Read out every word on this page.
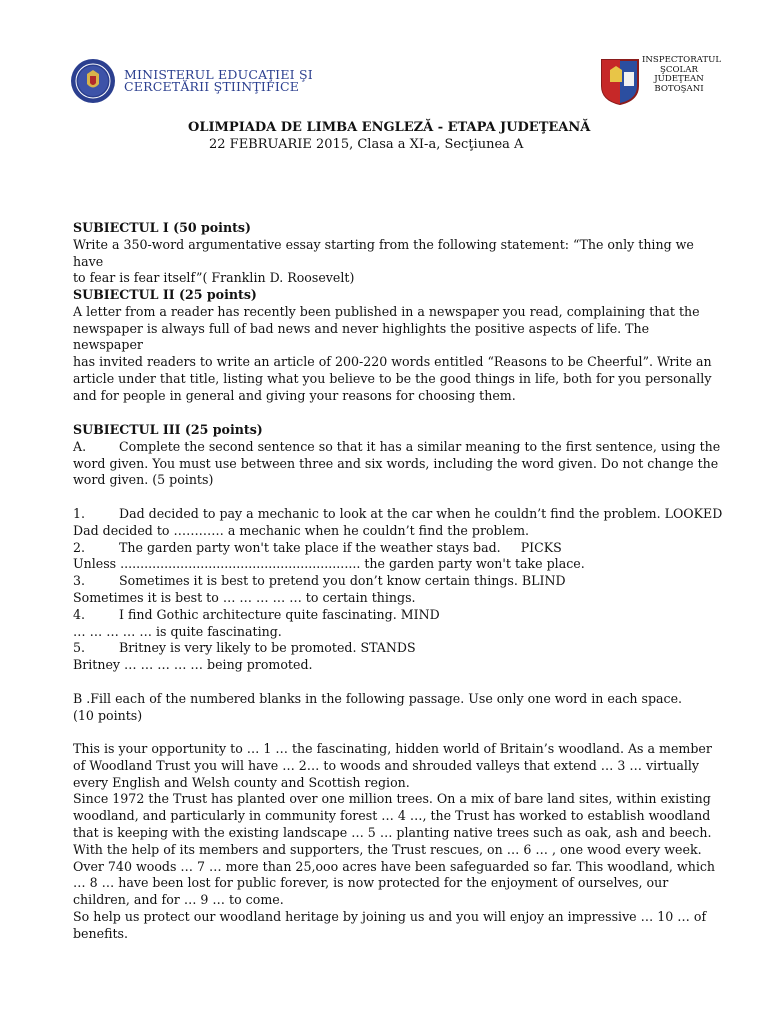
MINISTERUL EDUCAŢIEI ŞI
CERCETĂRII ŞTIINŢIFICE
INSPECTORATUL
ŞCOLAR
JUDEŢEAN
BOTOŞANI
OLIMPIADA DE LIMBA ENGLEZĂ - ETAPA JUDEŢEANĂ
22 FEBRUARIE 2015, Clasa a XI-a, Secţiunea A

SUBIECTUL I (50 points)

Write a 350-word argumentative essay starting from the following statement: “The only thing we have

to fear is fear itself”( Franklin D. Roosevelt)

SUBIECTUL II (25 points)

A letter from a reader has recently been published in a newspaper you read, complaining that the

newspaper is always full of bad news and never highlights the positive aspects of life. The newspaper

has invited readers to write an article of 200-220 words entitled “Reasons to be Cheerful”. Write an

article under that title, listing what you believe to be the good things in life, both for you personally

and for people in general and giving your reasons for choosing them.

SUBIECTUL III (25 points)

A.	Complete the second sentence so that it has a similar meaning to the first sentence, using the

word given. You must use between three and six words, including the word given. Do not change the

word given. (5 points)

1.	Dad decided to pay a mechanic to look at the car when he couldn’t find the problem. LOOKED

Dad decided to ………… a mechanic when he couldn’t find the problem.

2.	The garden party won't take place if the weather stays bad.     PICKS

Unless ............................................................ the garden party won't take place.

3.	Sometimes it is best to pretend you don’t know certain things. BLIND

Sometimes it is best to … … … … … to certain things.

4.	I find Gothic architecture quite fascinating. MIND

… … … … … is quite fascinating.

5.	Britney is very likely to be promoted. STANDS

Britney … … … … … being promoted.

B .Fill each of the numbered blanks in the following passage. Use only one word in each space.

(10 points)

This is your opportunity to … 1 … the fascinating, hidden world of Britain’s woodland. As a member

of Woodland Trust you will have … 2… to woods and shrouded valleys that extend … 3 … virtually

every English and Welsh county and Scottish region.

Since 1972 the Trust has planted over one million trees. On a mix of bare land sites, within existing

woodland, and particularly in community forest … 4 …, the Trust has worked to establish woodland

that is keeping with the existing landscape … 5 … planting native trees such as oak, ash and beech.

With the help of its members and supporters, the Trust rescues, on … 6 … , one wood every week.

Over 740 woods … 7 … more than 25,ooo acres have been safeguarded so far. This woodland, which

… 8 … have been lost for public forever, is now protected for the enjoyment of ourselves, our

children, and for … 9 … to come.

So help us protect our woodland heritage by joining us and you will enjoy an impressive … 10 … of

benefits.
